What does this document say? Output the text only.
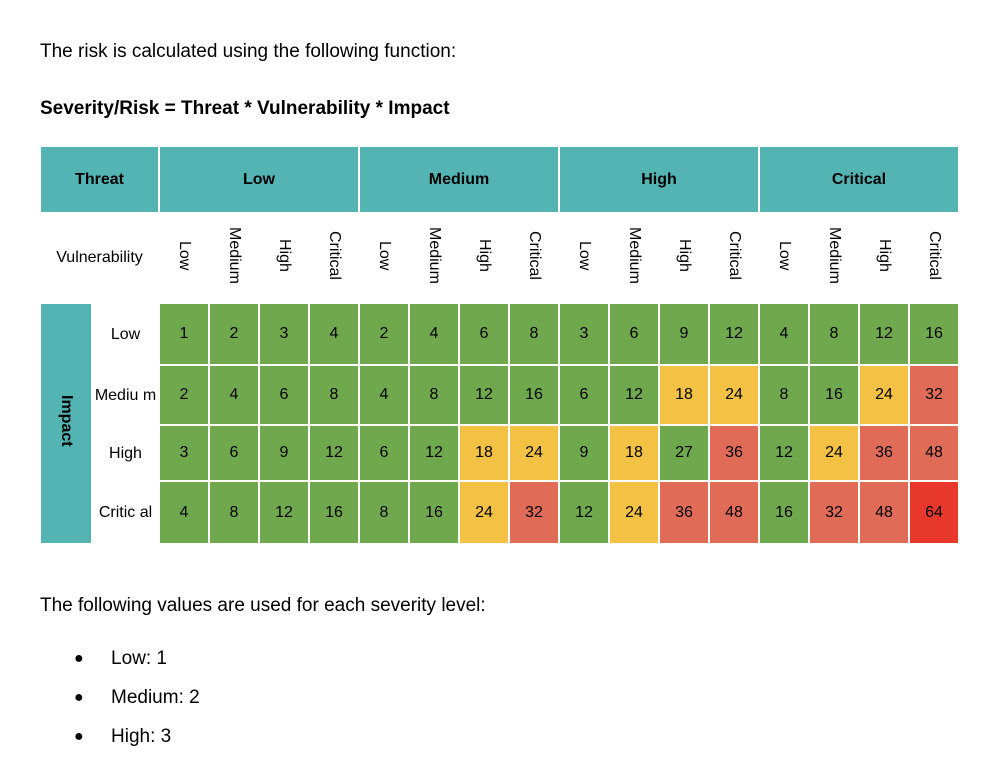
The risk is calculated using the following function:
Severity/Risk = Threat * Vulnerability * Impact
Threat		Low				Medium				High				Critical			
Vulnerability		Low	Medium	High	Critical	Low	Medium	High	Critical	Low	Medium	High	Critical	Low	Medium	High	Critical
Impact	Low	1	2	3	4	2	4	6	8	3	6	9	12	4	8	12	16
	Mediu m	2	4	6	8	4	8	12	16	6	12	18	24	8	16	24	32
	High	3	6	9	12	6	12	18	24	9	18	27	36	12	24	36	48
	Critic al	4	8	12	16	8	16	24	32	12	24	36	48	16	32	48	64
The following values are used for each severity level:
● Low: 1
● Medium: 2
● High: 3
